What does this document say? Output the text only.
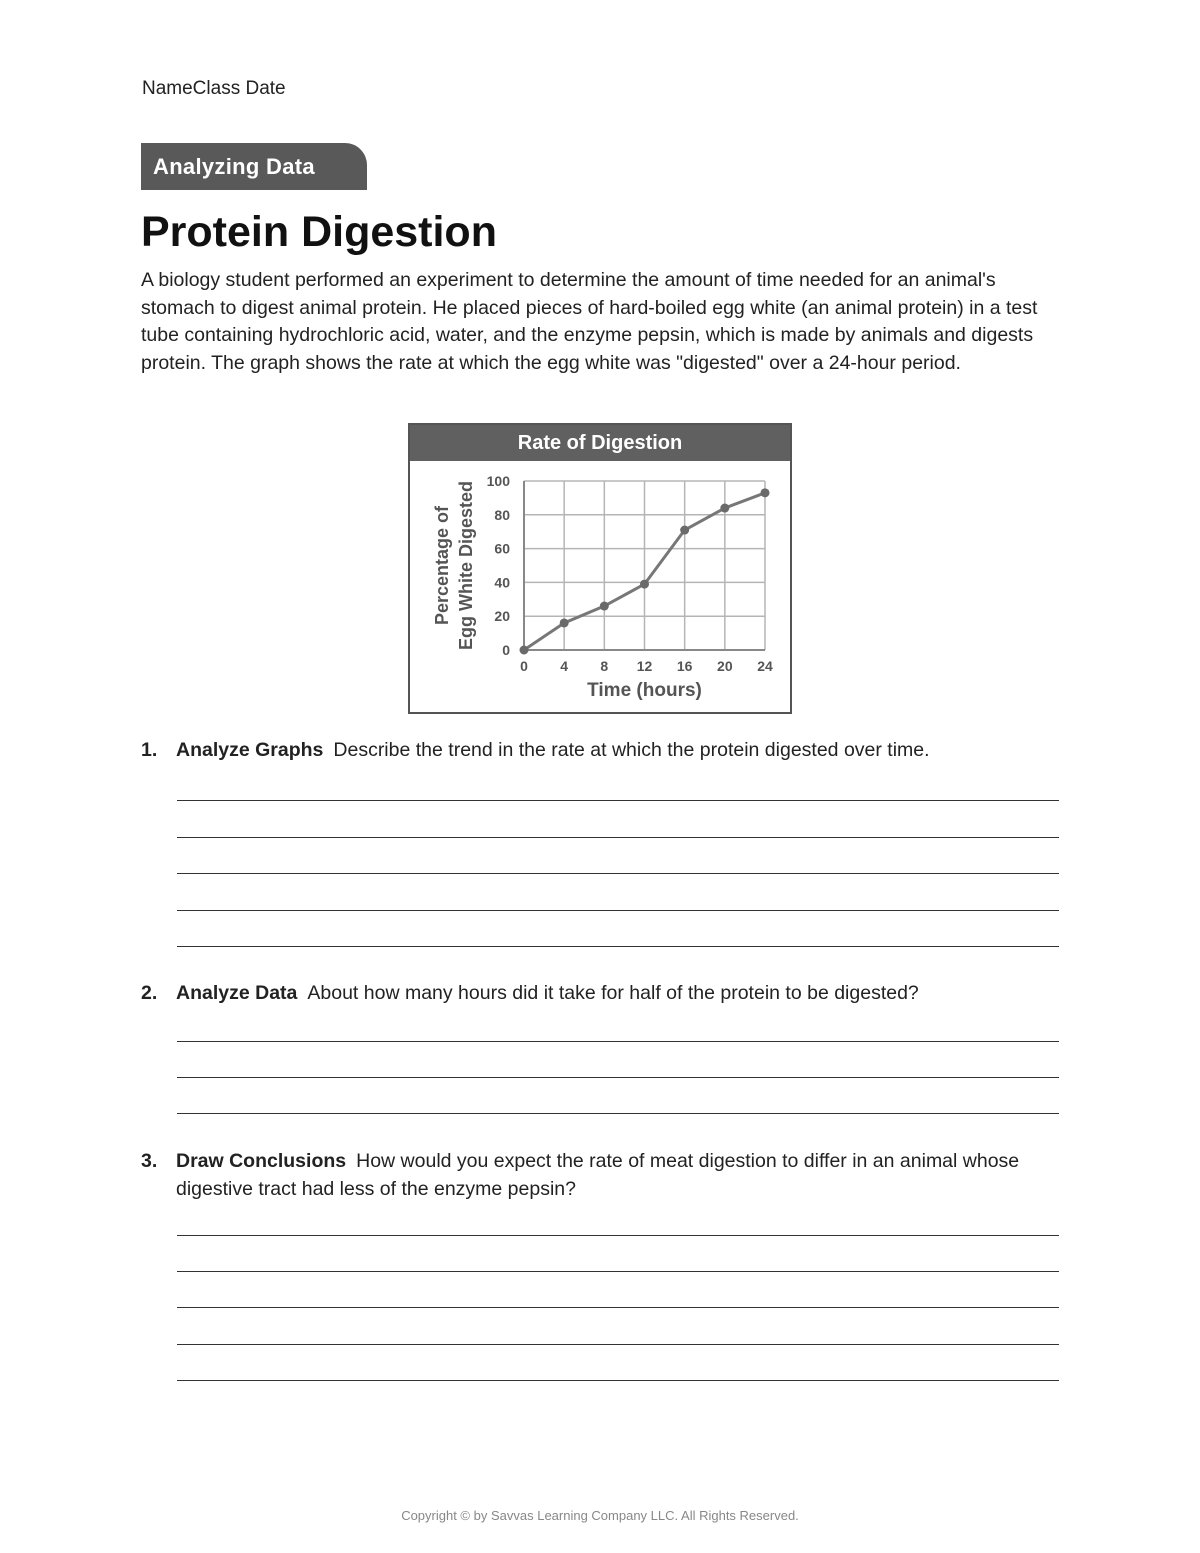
NameClass Date
Analyzing Data
Protein Digestion

A biology student performed an experiment to determine the amount of time needed for an animal's stomach to digest animal protein. He placed pieces of hard-boiled egg white (an animal protein) in a test tube containing hydrochloric acid, water, and the enzyme pepsin, which is made by animals and digests protein. The graph shows the rate at which the egg white was "digested" over a 24-hour period.

Rate of Digestion
0 4 8 12 16 20 24
0
20
40
60
80
100
Time (hours)
Percentage of Egg White Digested
1. Analyze Graphs Describe the trend in the rate at which the protein digested over time.
2. Analyze Data About how many hours did it take for half of the protein to be digested?
3. Draw Conclusions How would you expect the rate of meat digestion to differ in an animal whose digestive tract had less of the enzyme pepsin?
Copyright © by Savvas Learning Company LLC. All Rights Reserved.
